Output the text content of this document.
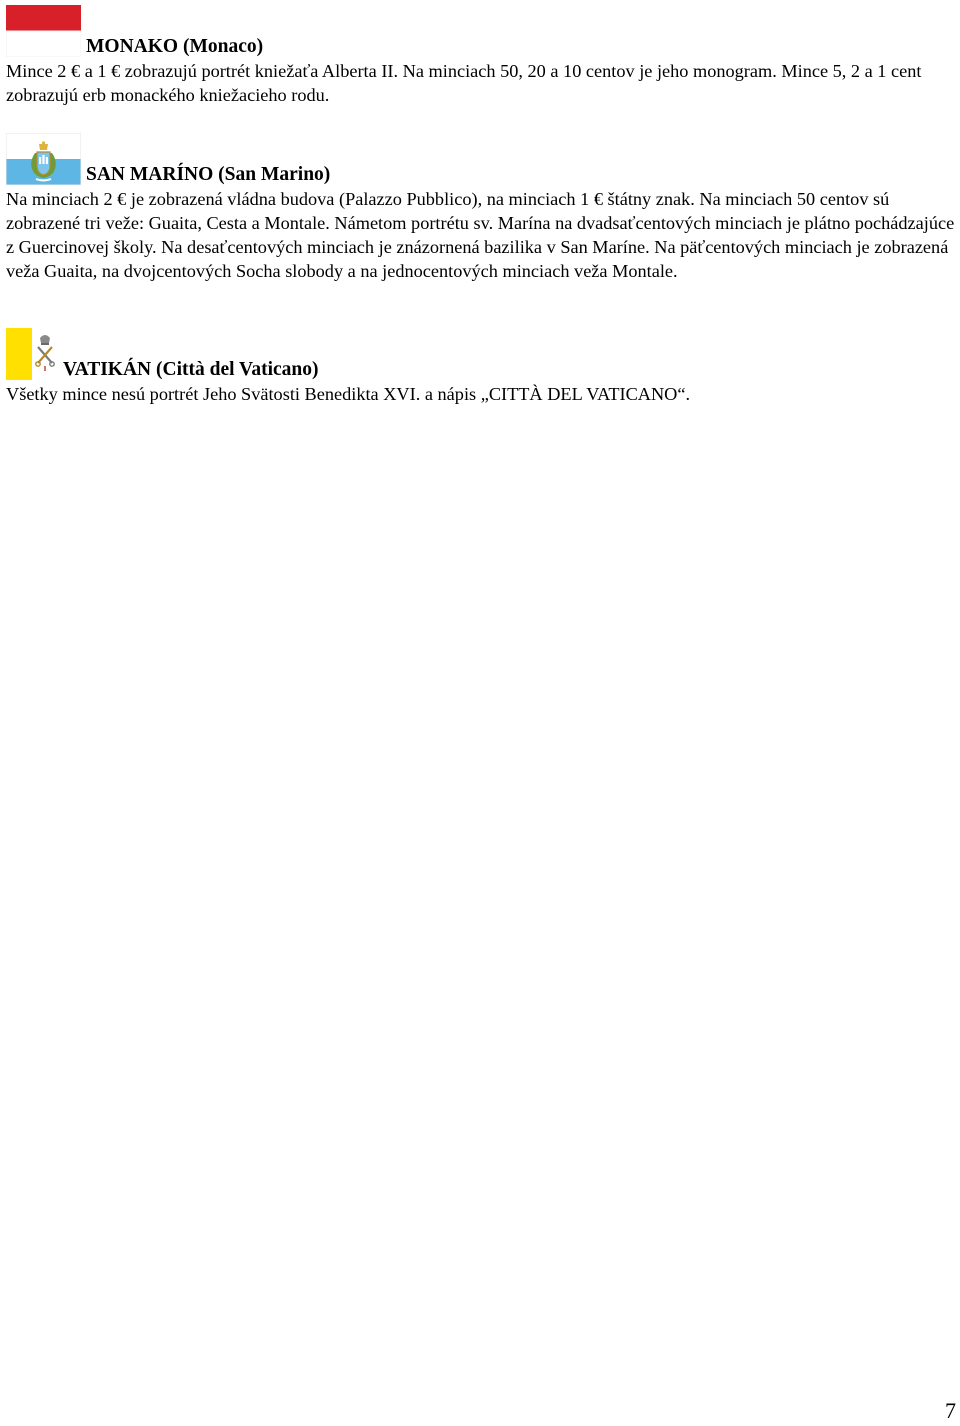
MONAKO (Monaco)

Mince 2 € a 1 € zobrazujú portrét kniežaťa Alberta II. Na minciach 50, 20 a 10 centov je jeho monogram. Mince 5, 2 a 1 cent zobrazujú erb monackého kniežacieho rodu.

SAN MARÍNO (San Marino)

Na minciach 2 € je zobrazená vládna budova (Palazzo Pubblico), na minciach 1 € štátny znak. Na minciach 50 centov sú zobrazené tri veže: Guaita, Cesta a Montale. Námetom portrétu sv. Marína na dvadsaťcentových minciach je plátno pochádzajúce z Guercinovej školy. Na desaťcentových minciach je znázornená bazilika v San Maríne. Na päťcentových minciach je zobrazená veža Guaita, na dvojcentových Socha slobody a na jednocentových minciach veža Montale.

VATIKÁN (Città del Vaticano)

Všetky mince nesú portrét Jeho Svätosti Benedikta XVI. a nápis „CITTÀ DEL VATICANO“.

7
